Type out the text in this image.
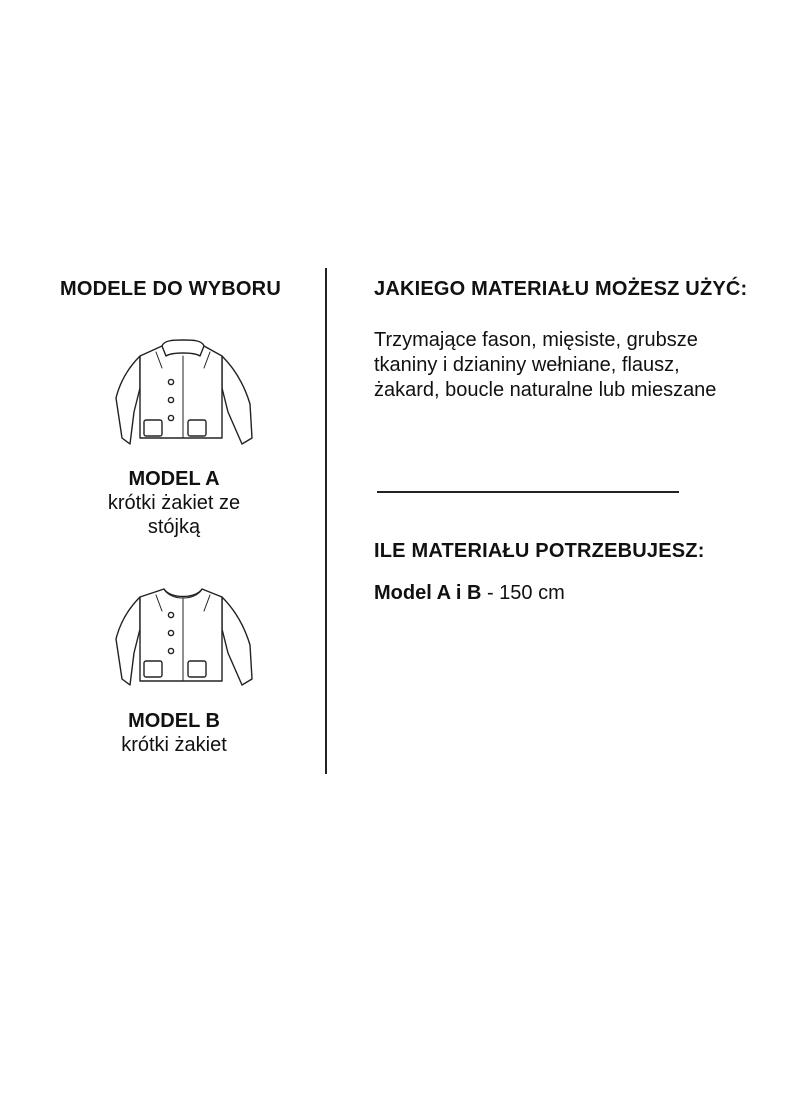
MODELE DO WYBORU
MODEL A
krótki żakiet ze
stójką
MODEL B
krótki żakiet
JAKIEGO MATERIAŁU MOŻESZ UŻYĆ:
Trzymające fason, mięsiste, grubsze
tkaniny i dzianiny wełniane, flausz,
żakard, boucle naturalne lub mieszane
ILE MATERIAŁU POTRZEBUJESZ:
Model A i B - 150 cm
